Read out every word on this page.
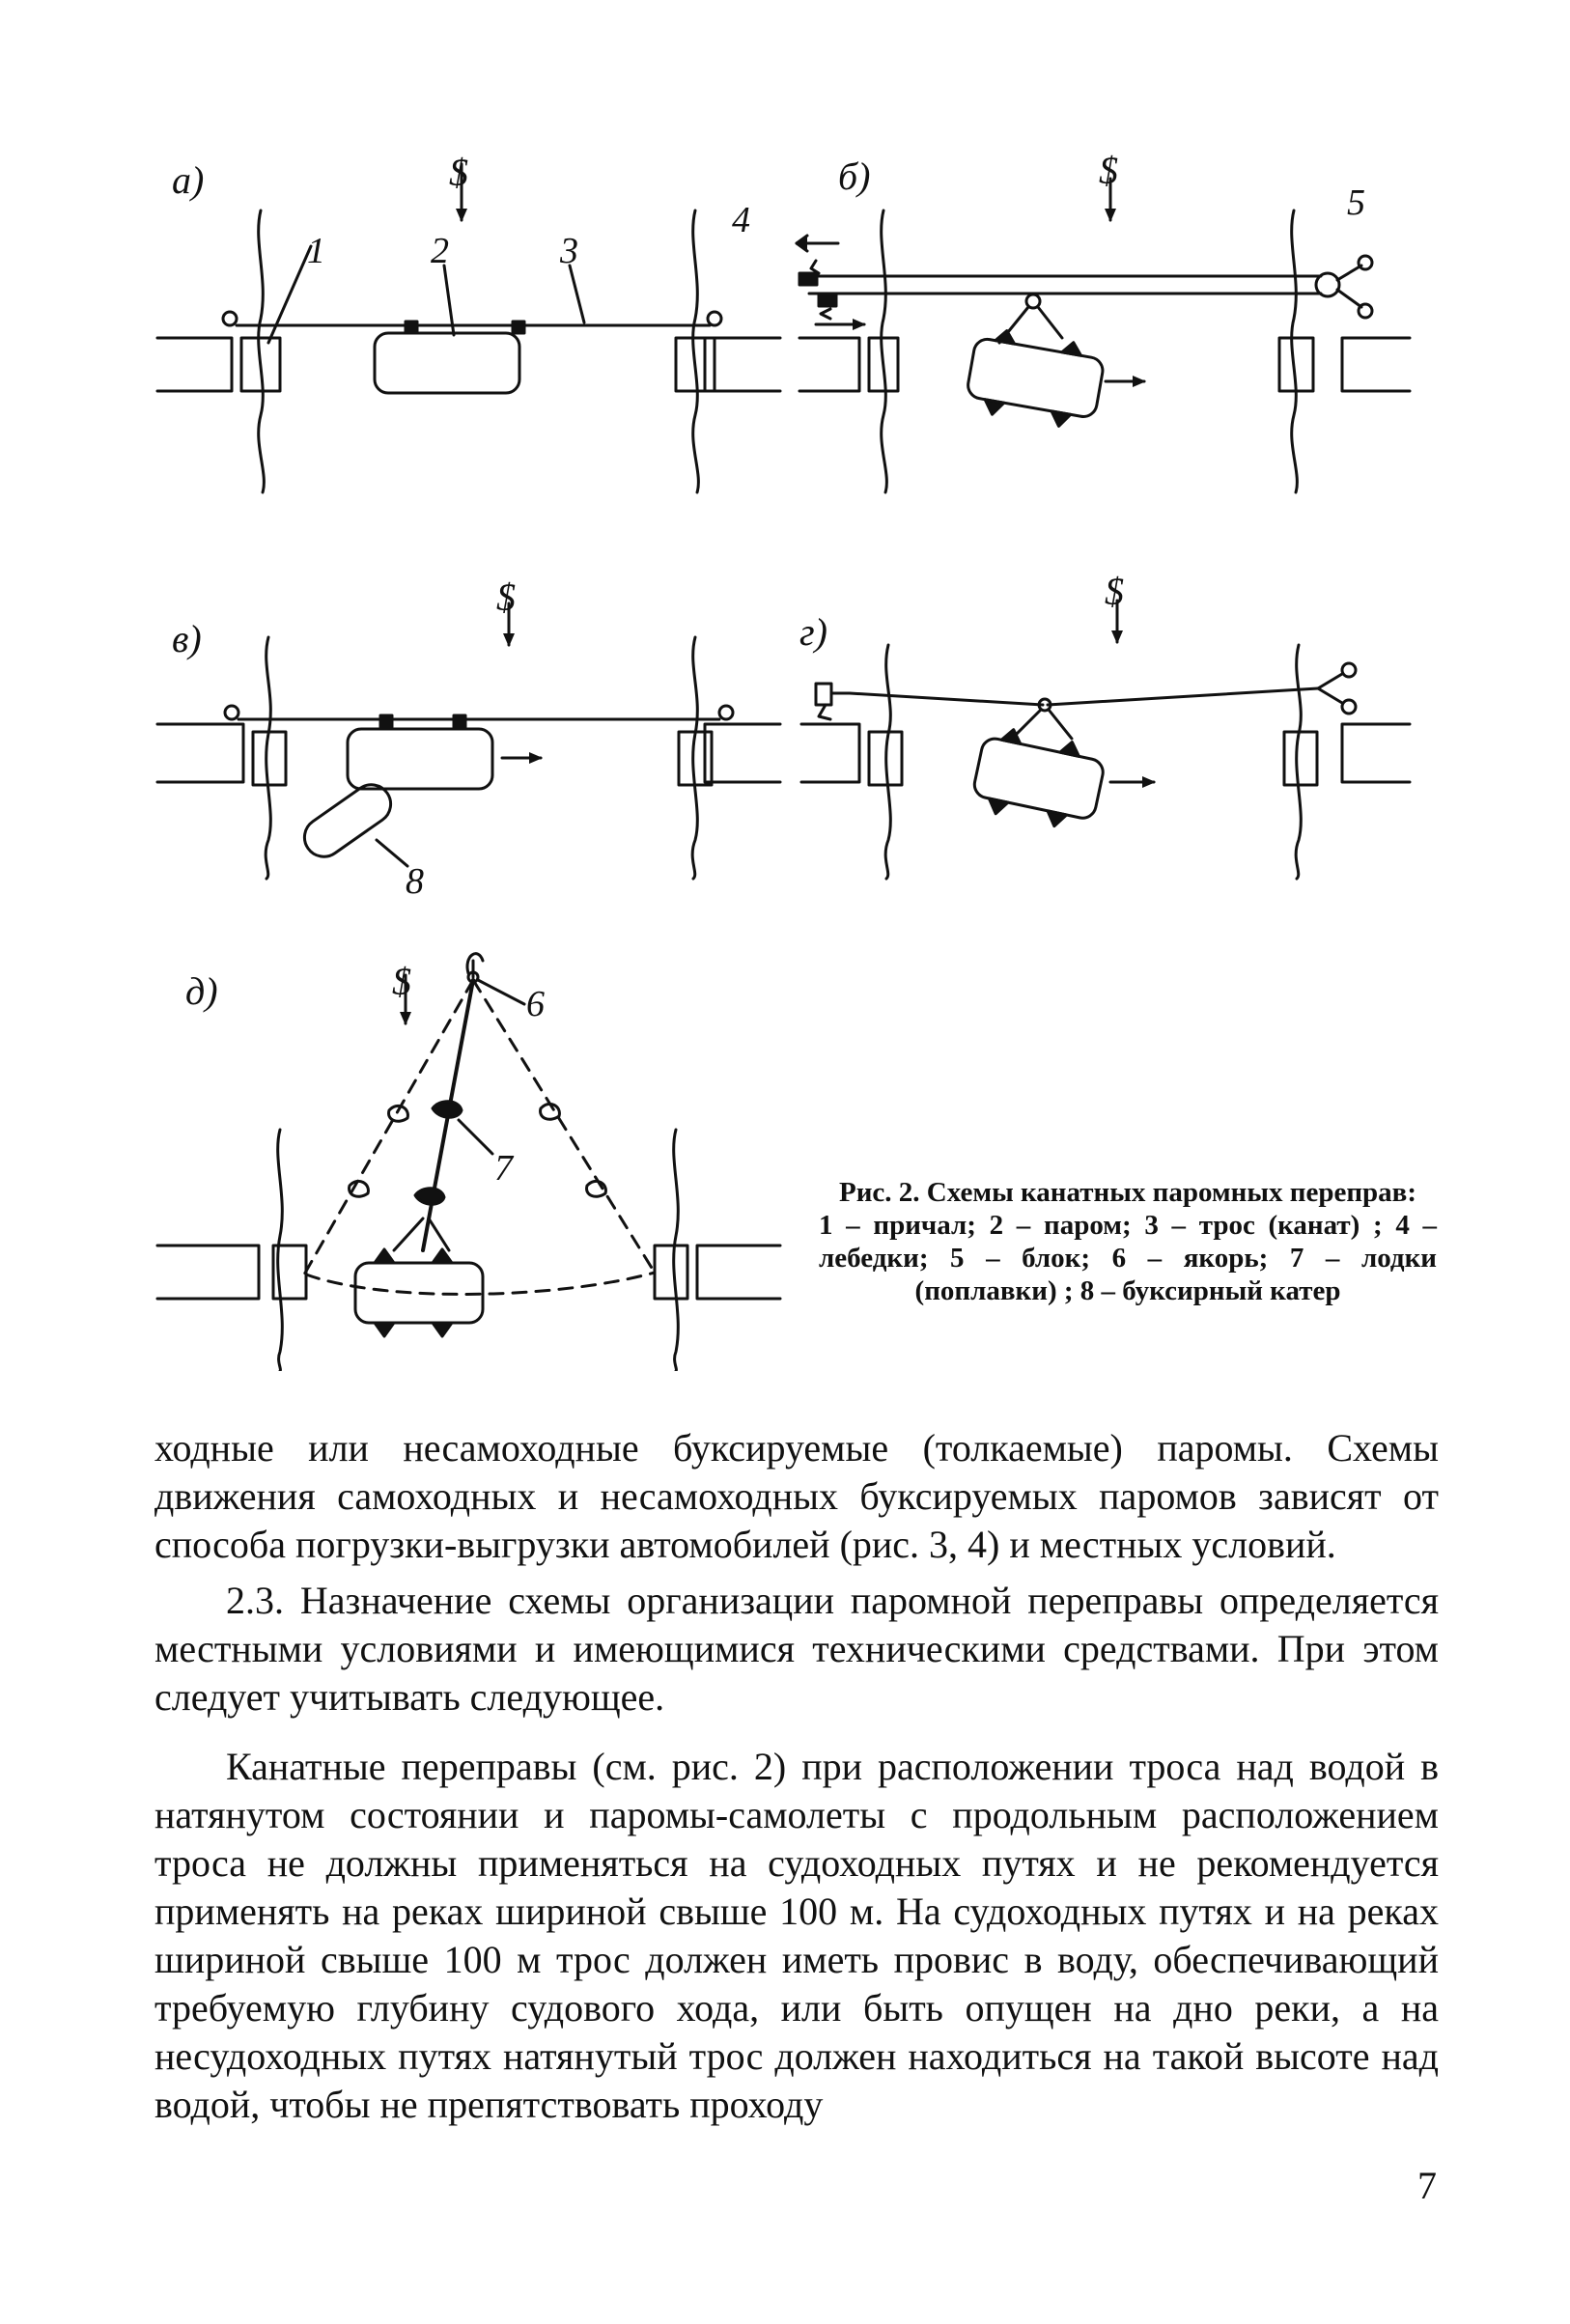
$	$
$	$
$
а)	б)
в)	г)
д)
1	2	3
4	5
6
7
8
Рис. 2. Схемы канатных паромных переправ:
1 – причал; 2 – паром; 3 – трос (канат) ; 4 – лебедки; 5 – блок; 6 – якорь; 7 – лодки (поплавки) ; 8 – буксирный катер

ходные или несамоходные буксируемые (толкаемые) паромы. Схемы движения самоходных и несамоходных буксируемых паромов зависят от способа погрузки-выгрузки автомобилей (рис. 3, 4) и местных условий.

2.3. Назначение схемы организации паромной переправы определяется местными условиями и имеющимися техническими средствами. При этом следует учитывать следующее.

Канатные переправы (см. рис. 2) при расположении троса над водой в натянутом состоянии и паромы-самолеты с продольным расположением троса не должны применяться на судоходных путях и не рекомендуется применять на реках шириной свыше 100 м. На судоходных путях и на реках шириной свыше 100 м трос должен иметь провис в воду, обеспечивающий требуемую глубину судового хода, или быть опущен на дно реки, а на несудоходных путях натянутый трос должен находиться на такой высоте над водой, чтобы не препятствовать проходу

7
